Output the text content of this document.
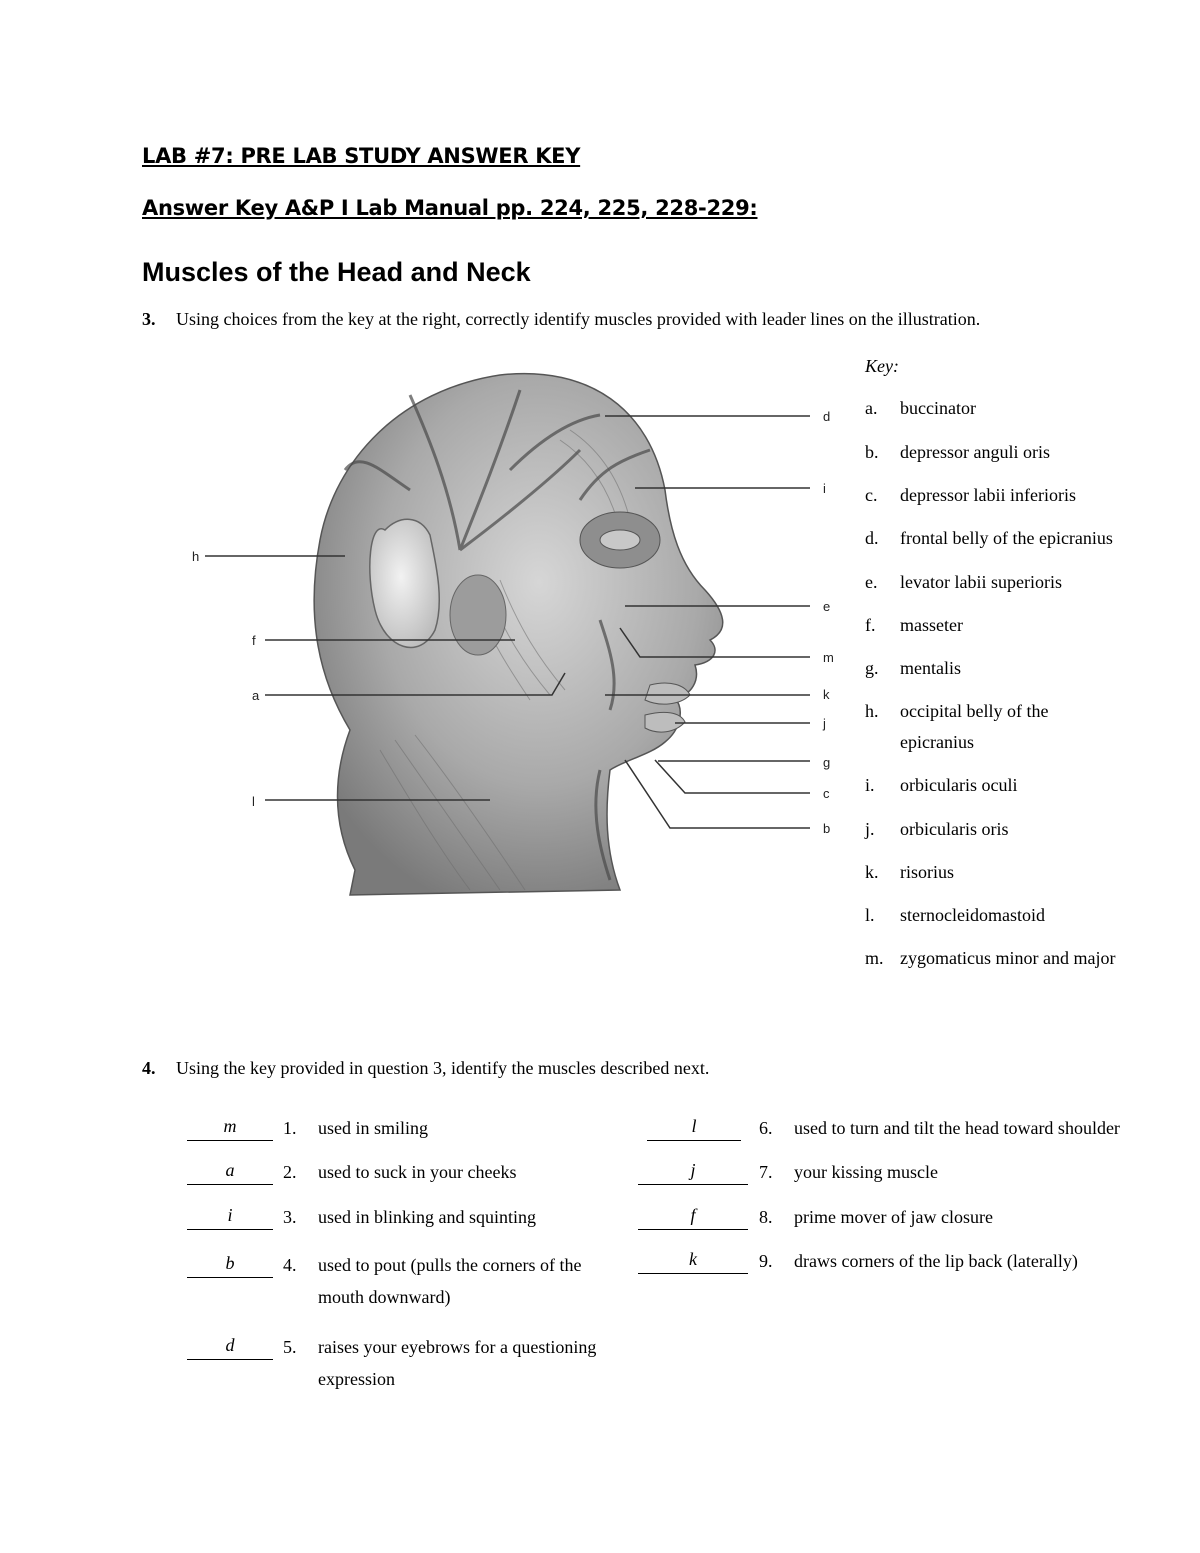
LAB #7: PRE LAB STUDY ANSWER KEY
Answer Key A&P I Lab Manual pp. 224, 225, 228-229:
Muscles of the Head and Neck
3. Using choices from the key at the right, correctly identify muscles provided with leader lines on the illustration.
d
i
h
e
f
m
a	k
j
g
l
c
b
Key:
a.	buccinator
b.	depressor anguli oris
c.	depressor labii inferioris
d.	frontal belly of the epicranius
e.	levator labii superioris
f.	masseter
g.	mentalis
h.	occipital belly of the
epicranius
i.	orbicularis oculi
j.	orbicularis oris
k.	risorius
l.	sternocleidomastoid
m. zygomaticus minor and major
4. Using the key provided in question 3, identify the muscles described next.
m	1. used in smiling
a	2. used to suck in your cheeks
i	3. used in blinking and squinting
b	4. used to pout (pulls the corners of the
mouth downward)
d	5. raises your eyebrows for a questioning
expression
l	6. used to turn and tilt the head toward shoulder
j	7. your kissing muscle
f	8. prime mover of jaw closure
k	9. draws corners of the lip back (laterally)
